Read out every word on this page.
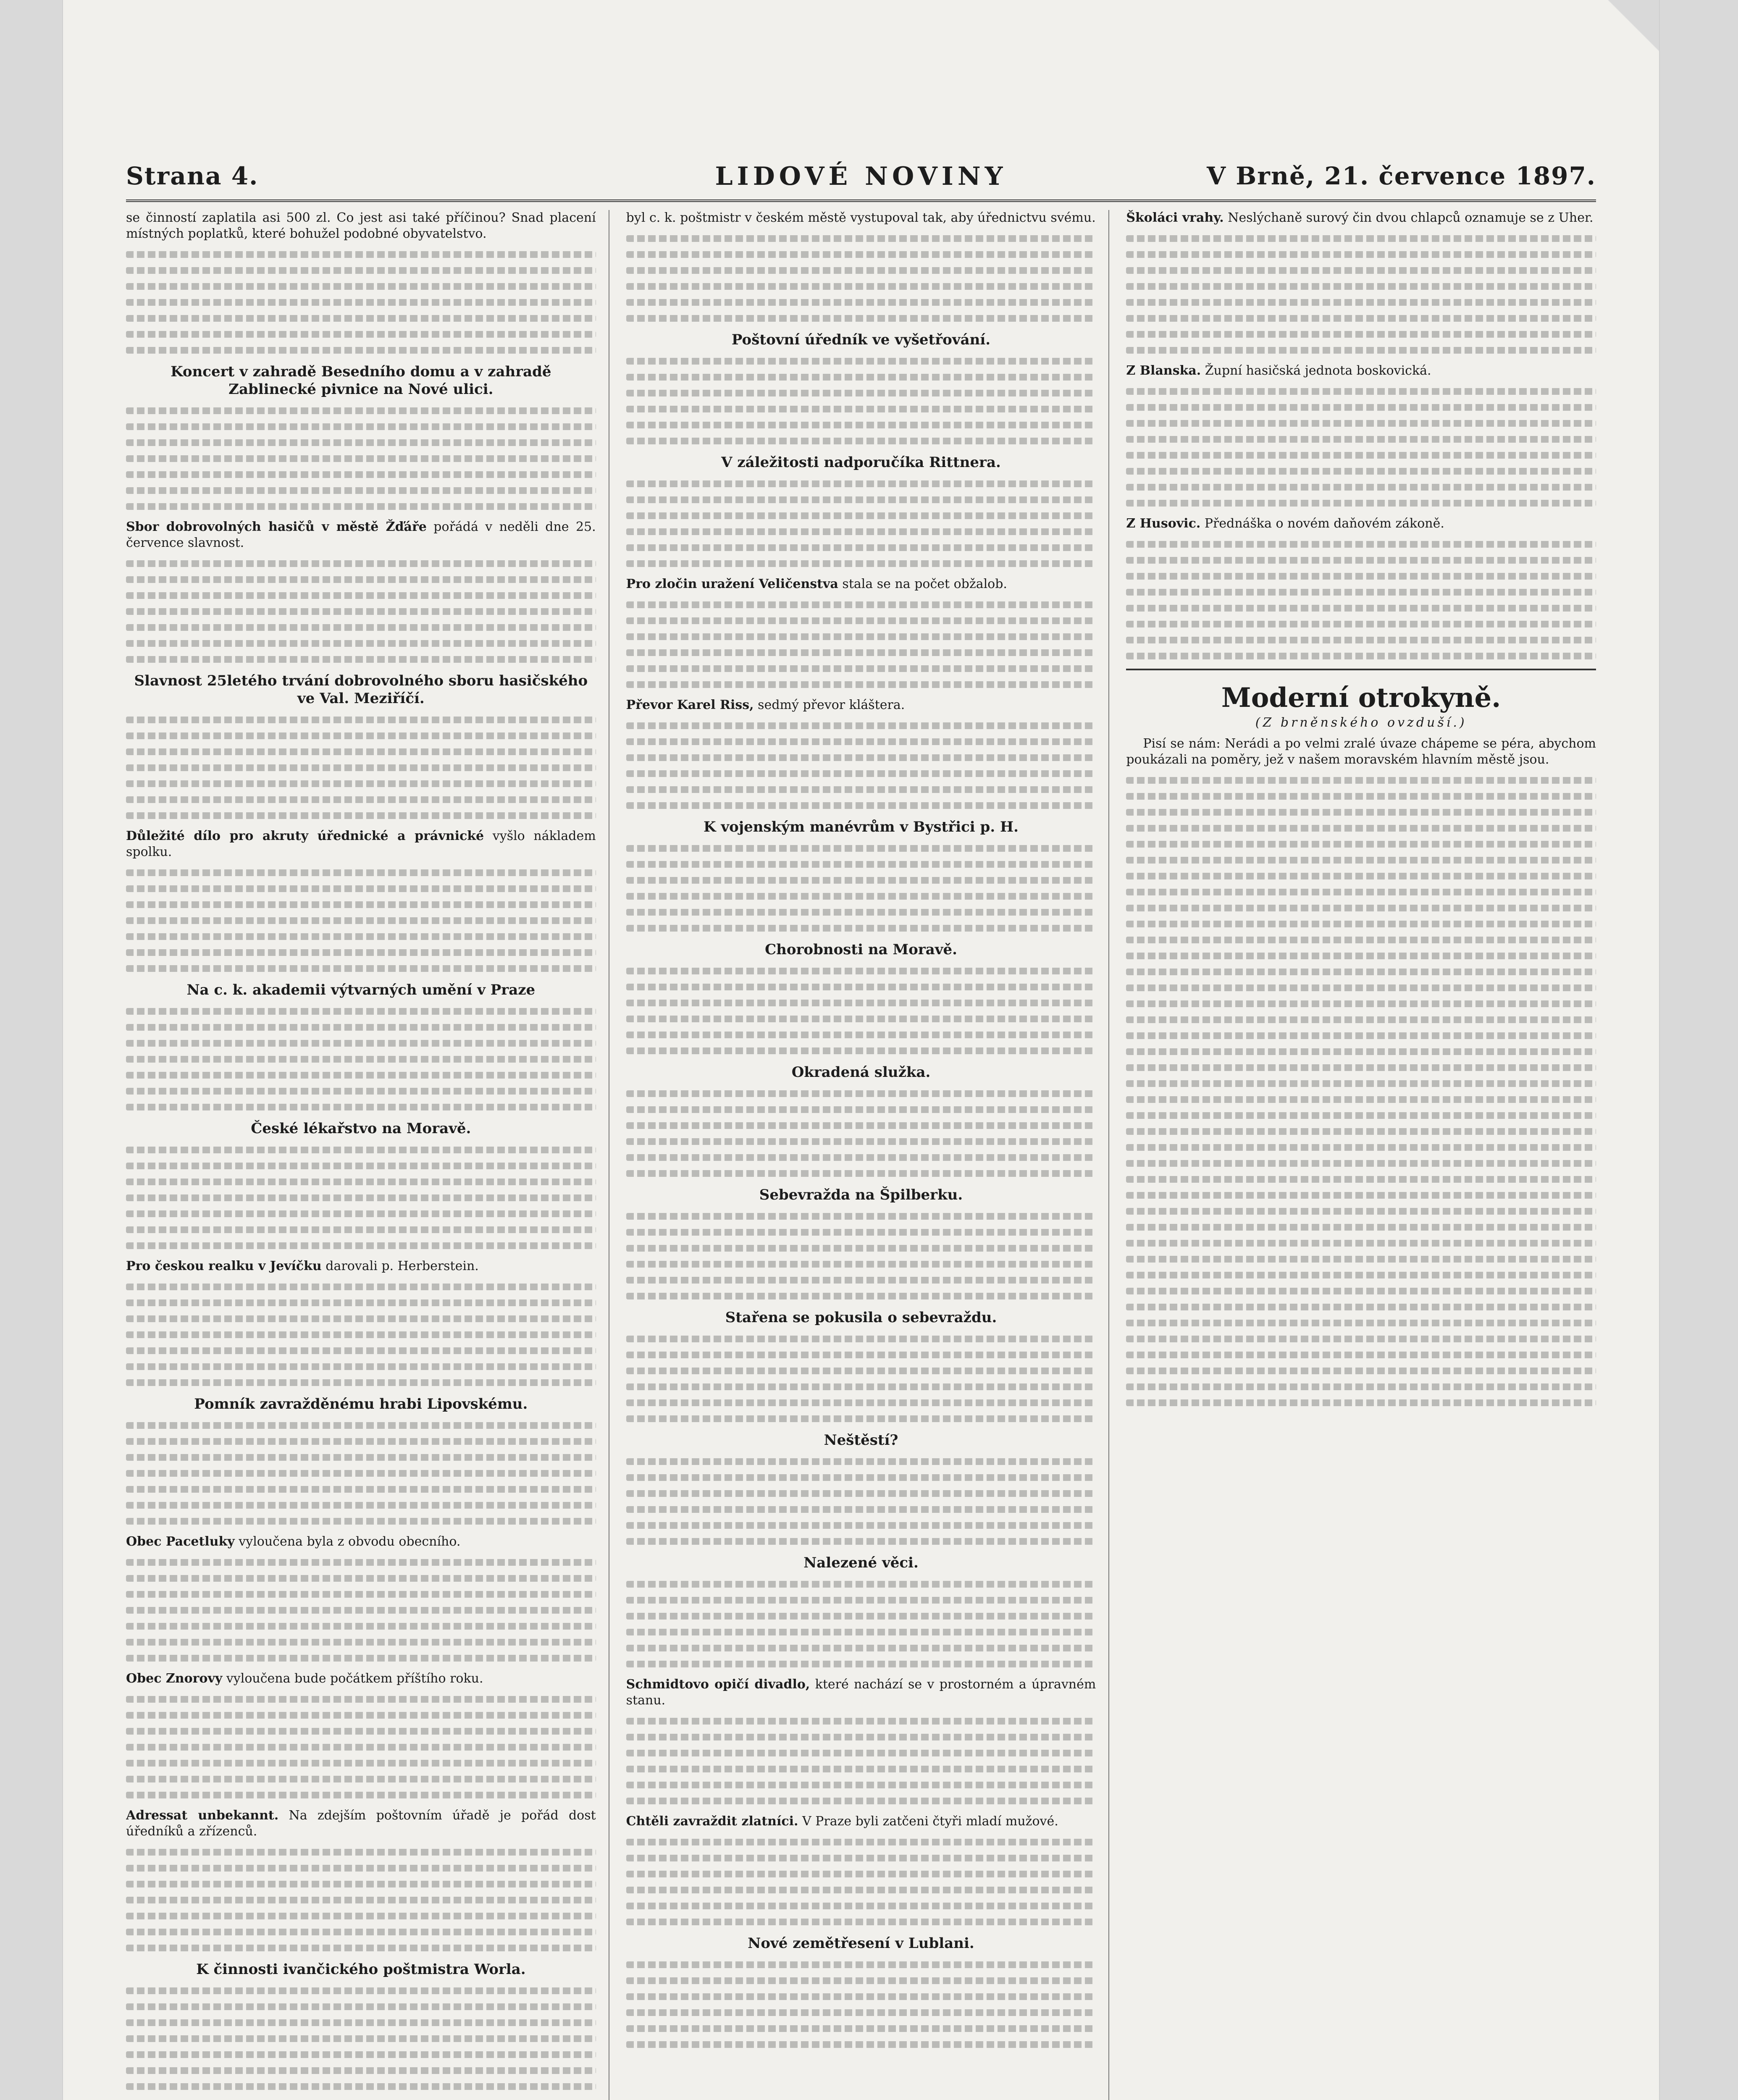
Strana 4.	LIDOVÉ NOVINY	V Brně, 21. července 1897.
se činností zaplatila asi 500 zl. Co jest asi také příčinou? Snad placení místných poplatků, které bohužel podobné obyvatelstvo.
Koncert v zahradě Besedního domu a v zahradě Zablinecké pivnice na Nové ulici.
Sbor dobrovolných hasičů v městě Žďáře pořádá v neděli dne 25. července slavnost.
Slavnost 25letého trvání dobrovolného sboru hasičského ve Val. Meziříčí.
Důležité dílo pro akruty úřednické a právnické vyšlo nákladem spolku.
Na c. k. akademii výtvarných umění v Praze
České lékařstvo na Moravě.
Pro českou realku v Jevíčku darovali p. Herberstein.
Pomník zavražděnému hrabi Lipovskému.
Obec Pacetluky vyloučena byla z obvodu obecního.
Obec Znorovy vyloučena bude počátkem příštího roku.
Adressat unbekannt. Na zdejším poštovním úřadě je pořád dost úředníků a zřízenců.
K činnosti ivančického poštmistra Worla.
byl c. k. poštmistr v českém městě vystupoval tak, aby úřednictvu svému.
Poštovní úředník ve vyšetřování.
V záležitosti nadporučíka Rittnera.
Pro zločin uražení Veličenstva stala se na počet obžalob.
Převor Karel Riss, sedmý převor kláštera.
K vojenským manévrům v Bystřici p. H.
Chorobnosti na Moravě.
Okradená služka.
Sebevražda na Špilberku.
Stařena se pokusila o sebevraždu.
Neštěstí?
Nalezené věci.
Schmidtovo opičí divadlo, které nachází se v prostorném a úpravném stanu.
Chtěli zavraždit zlatníci. V Praze byli zatčeni čtyři mladí mužové.
Nové zemětřesení v Lublani.
Školáci vrahy. Neslýchaně surový čin dvou chlapců oznamuje se z Uher.
Z Blanska. Župní hasičská jednota boskovická.
Z Husovic. Přednáška o novém daňovém zákoně.
Moderní otrokyně.
(Z brněnského ovzduší.)
Pisí se nám: Nerádi a po velmi zralé úvaze chápeme se péra, abychom poukázali na poměry, jež v našem moravském hlavním městě jsou.
